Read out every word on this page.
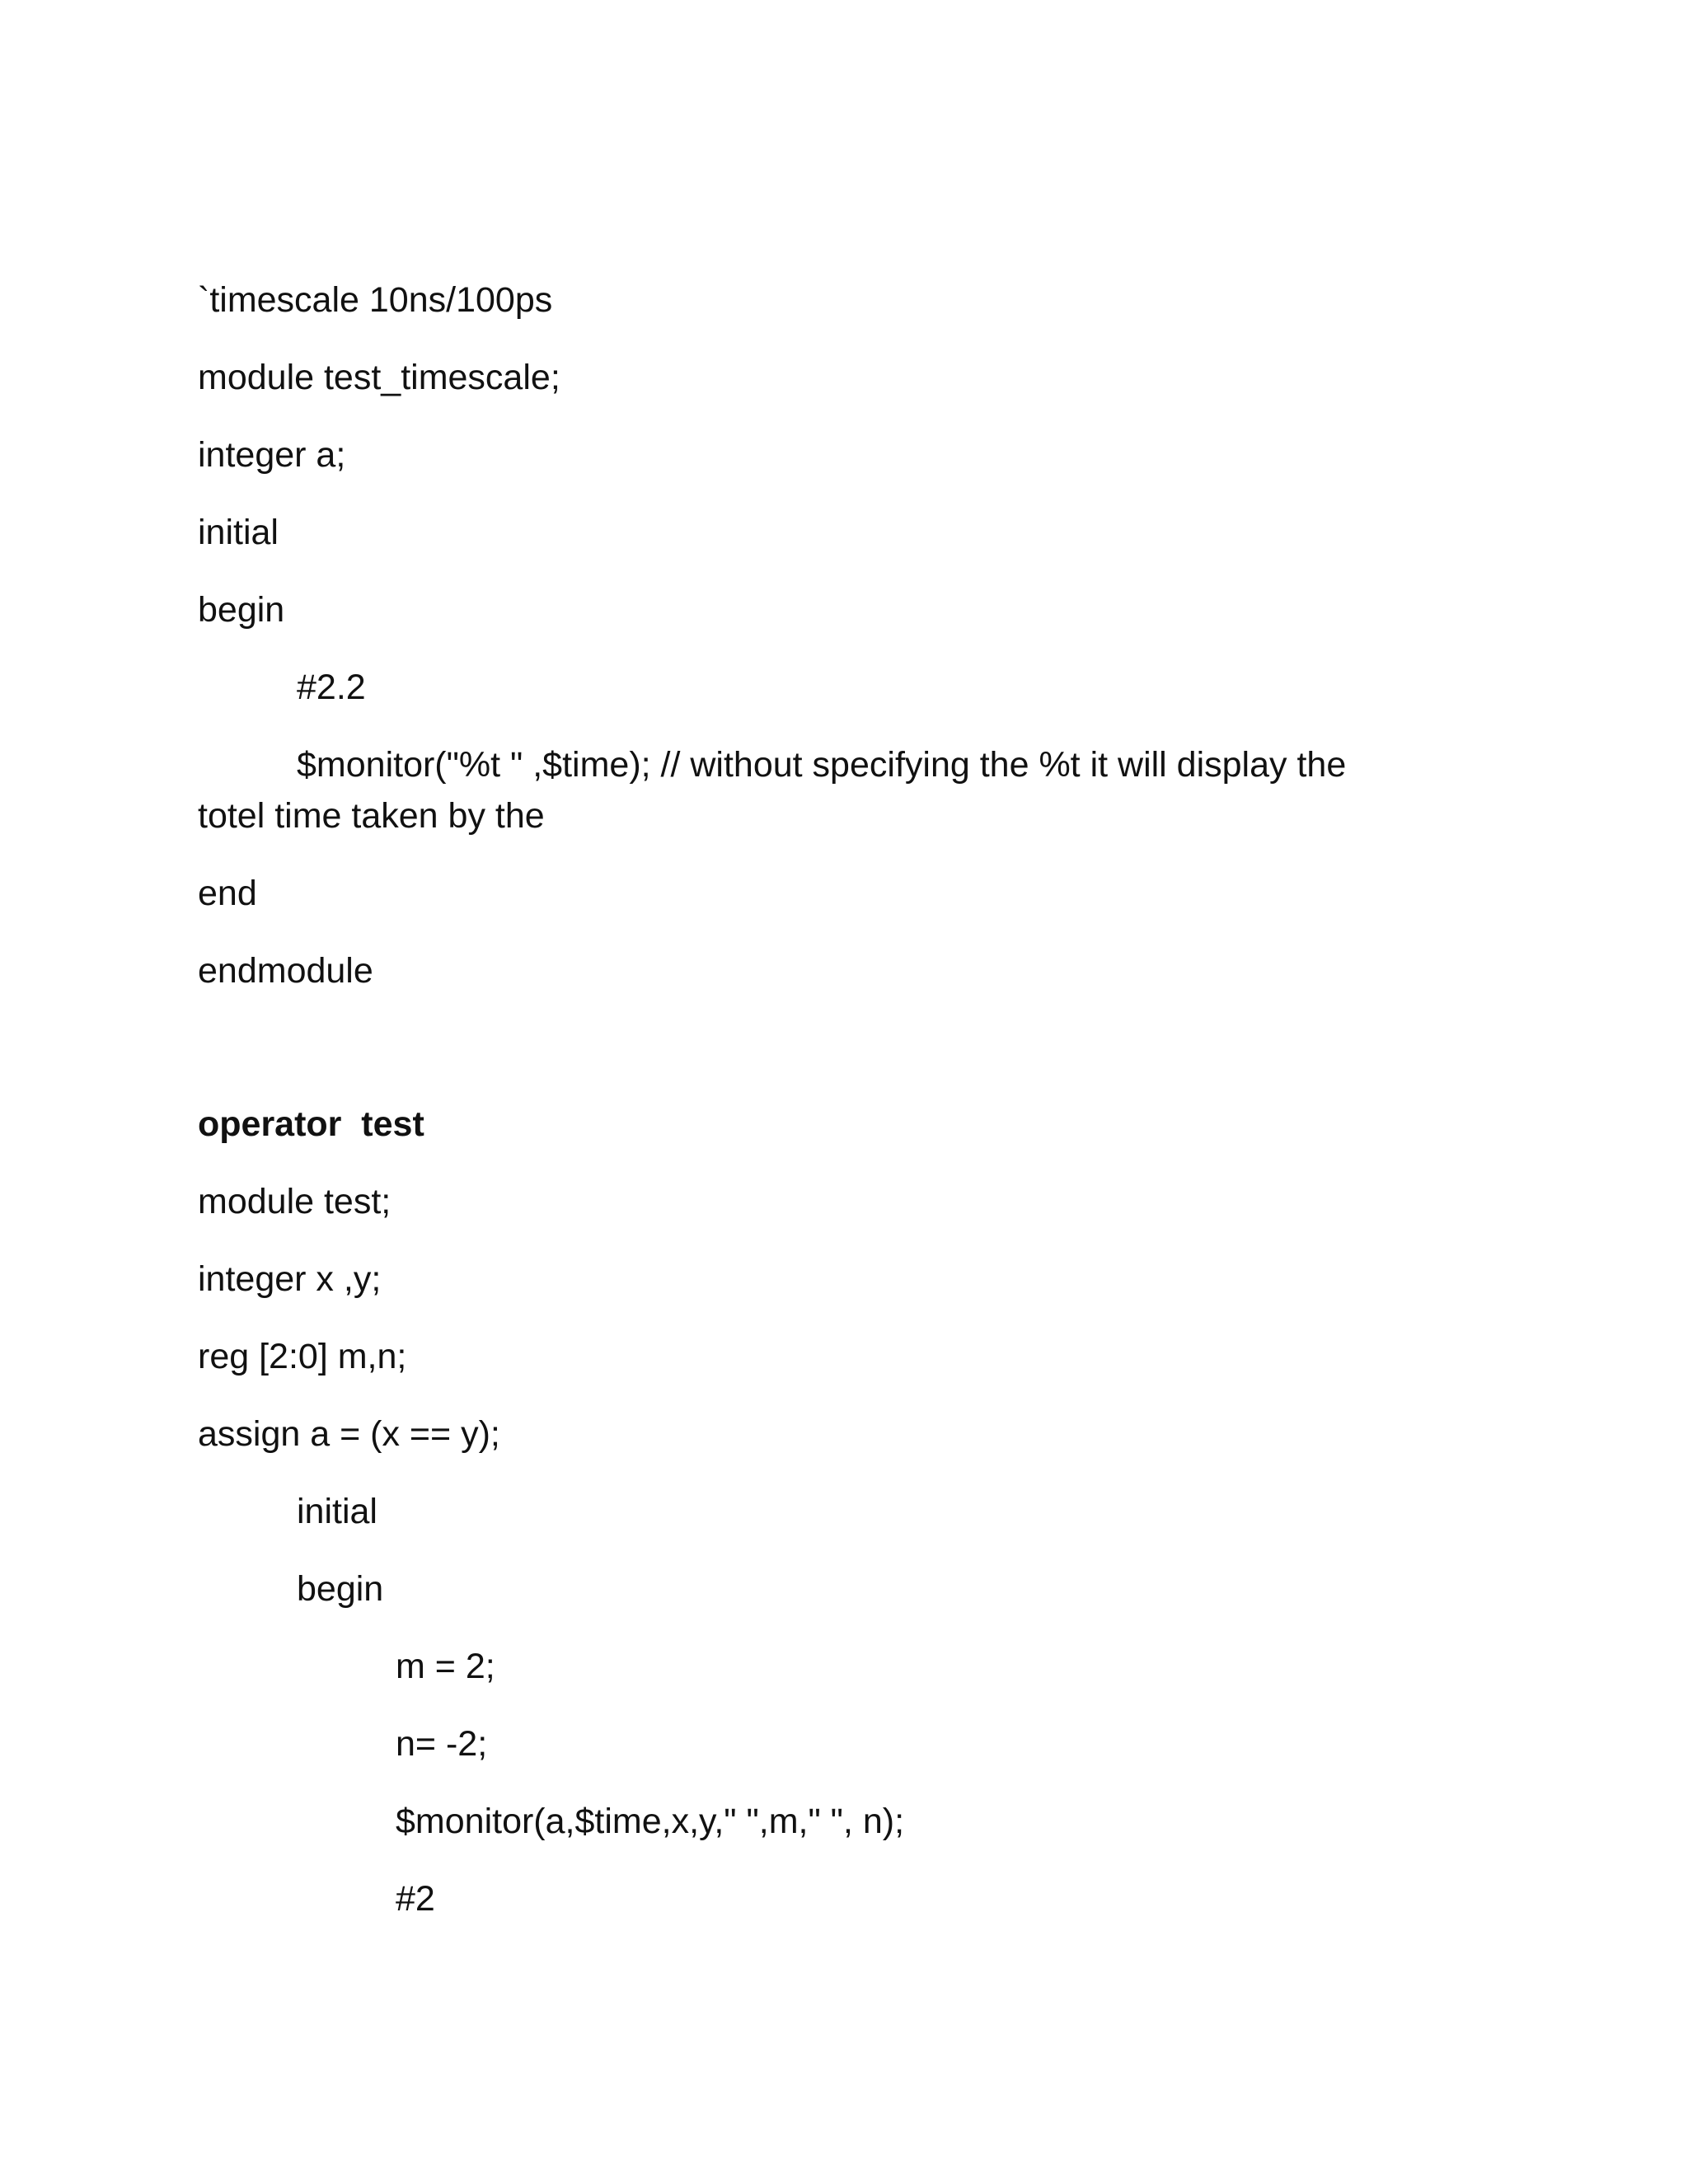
`timescale 10ns/100ps
module test_timescale;
integer a;
initial
begin
#2.2
$monitor("%t " ,$time); // without specifying the %t it will display the
totel time taken by the
end
endmodule
operator  test
module test;
integer x ,y;
reg [2:0] m,n;
assign a = (x == y);
initial
begin
m = 2;
n= -2;
$monitor(a,$time,x,y," ",m," ", n);
#2
